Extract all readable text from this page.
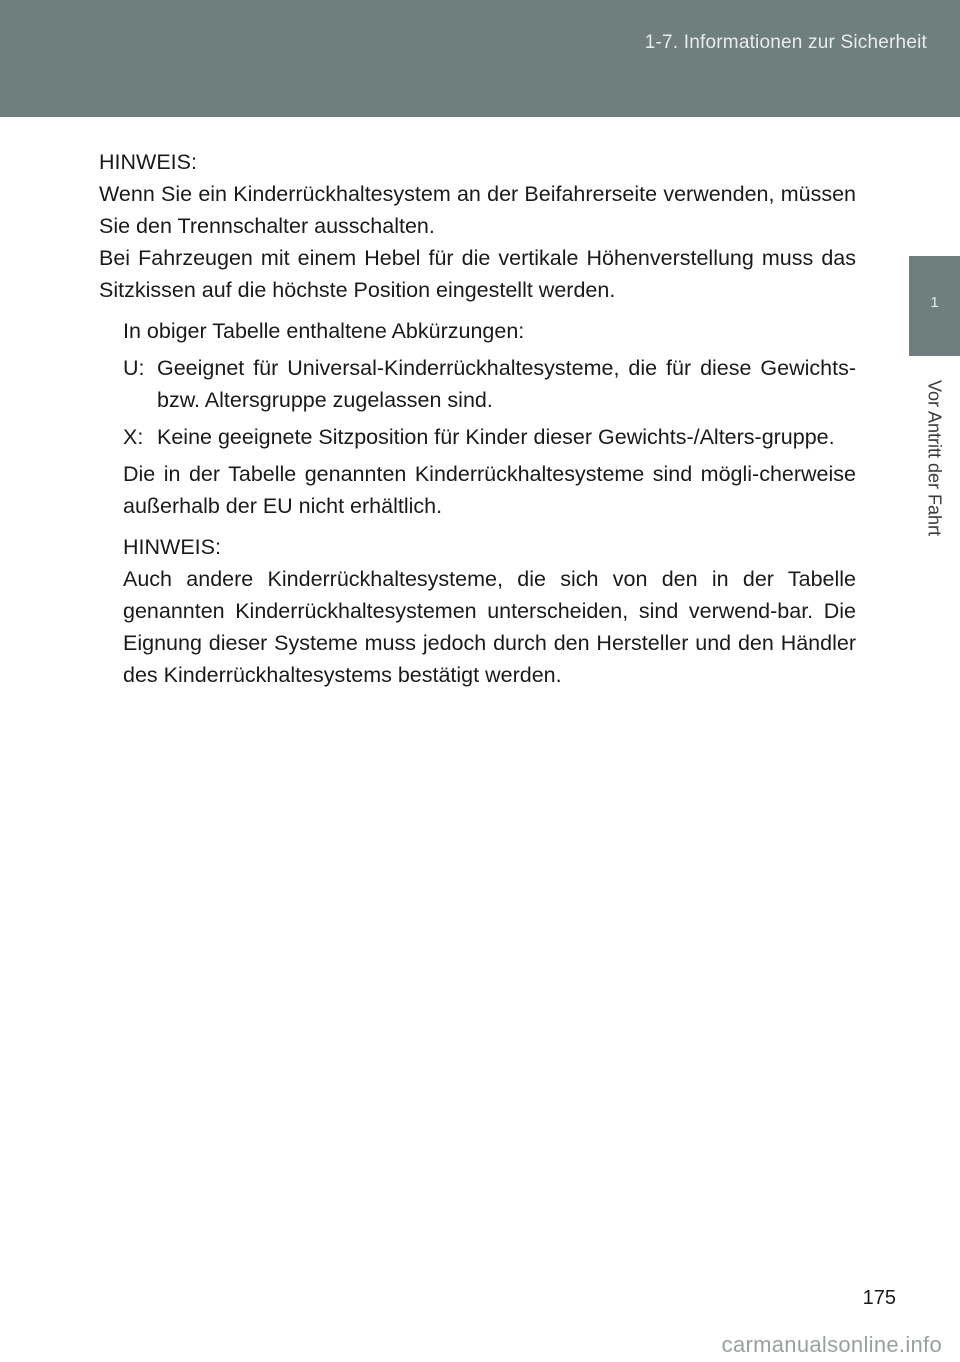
1-7. Informationen zur Sicherheit
1
Vor Antritt der Fahrt

HINWEIS:

Wenn Sie ein Kinderrückhaltesystem an der Beifahrerseite verwenden, müssen Sie den Trennschalter ausschalten.

Bei Fahrzeugen mit einem Hebel für die vertikale Höhenverstellung muss das Sitzkissen auf die höchste Position eingestellt werden.

In obiger Tabelle enthaltene Abkürzungen:

U: Geeignet für Universal-Kinderrückhaltesysteme, die für diese Gewichts- bzw. Altersgruppe zugelassen sind.

X: Keine geeignete Sitzposition für Kinder dieser Gewichts-/Alters-gruppe.

Die in der Tabelle genannten Kinderrückhaltesysteme sind mögli-cherweise außerhalb der EU nicht erhältlich.

HINWEIS:

Auch andere Kinderrückhaltesysteme, die sich von den in der Tabelle genannten Kinderrückhaltesystemen unterscheiden, sind verwend-bar. Die Eignung dieser Systeme muss jedoch durch den Hersteller und den Händler des Kinderrückhaltesystems bestätigt werden.

175
carmanualsonline.info
